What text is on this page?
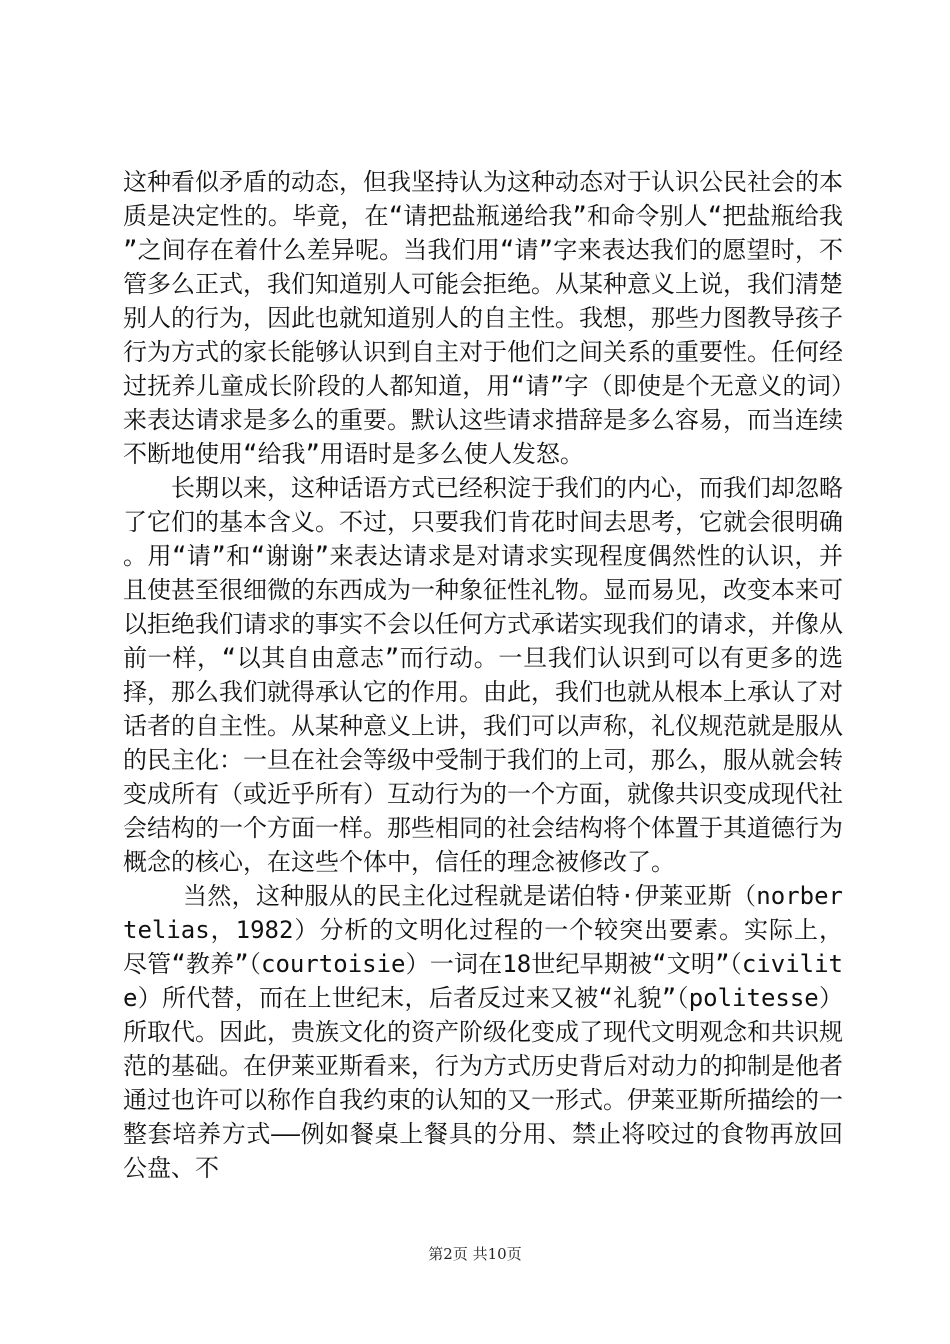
这种看似矛盾的动态，但我坚持认为这种动态对于认识公民社会的本质是决定性的。毕竟，在“请把盐瓶递给我”和命令别人“把盐瓶给我”之间存在着什么差异呢。当我们用“请”字来表达我们的愿望时，不管多么正式，我们知道别人可能会拒绝。从某种意义上说，我们清楚别人的行为，因此也就知道别人的自主性。我想，那些力图教导孩子行为方式的家长能够认识到自主对于他们之间关系的重要性。任何经过抚养儿童成长阶段的人都知道，用“请”字（即使是个无意义的词）来表达请求是多么的重要。默认这些请求措辞是多么容易，而当连续不断地使用“给我”用语时是多么使人发怒。

长期以来，这种话语方式已经积淀于我们的内心，而我们却忽略了它们的基本含义。不过，只要我们肯花时间去思考，它就会很明确。用“请”和“谢谢”来表达请求是对请求实现程度偶然性的认识，并且使甚至很细微的东西成为一种象征性礼物。显而易见，改变本来可以拒绝我们请求的事实不会以任何方式承诺实现我们的请求，并像从前一样，“以其自由意志”而行动。一旦我们认识到可以有更多的选择，那么我们就得承认它的作用。由此，我们也就从根本上承认了对话者的自主性。从某种意义上讲，我们可以声称，礼仪规范就是服从的民主化：一旦在社会等级中受制于我们的上司，那么，服从就会转变成所有（或近乎所有）互动行为的一个方面，就像共识变成现代社会结构的一个方面一样。那些相同的社会结构将个体置于其道德行为概念的核心，在这些个体中，信任的理念被修改了。

当然，这种服从的民主化过程就是诺伯特·伊莱亚斯（norbertelias，1982）分析的文明化过程的一个较突出要素。实际上，尽管“教养”（courtoisie）一词在18世纪早期被“文明”（civilite）所代替，而在上世纪末，后者反过来又被“礼貌”（politesse）所取代。因此，贵族文化的资产阶级化变成了现代文明观念和共识规范的基础。在伊莱亚斯看来，行为方式历史背后对动力的抑制是他者通过也许可以称作自我约束的认知的又一形式。伊莱亚斯所描绘的一整套培养方式——例如餐桌上餐具的分用、禁止将咬过的食物再放回公盘、不

第2页 共10页
